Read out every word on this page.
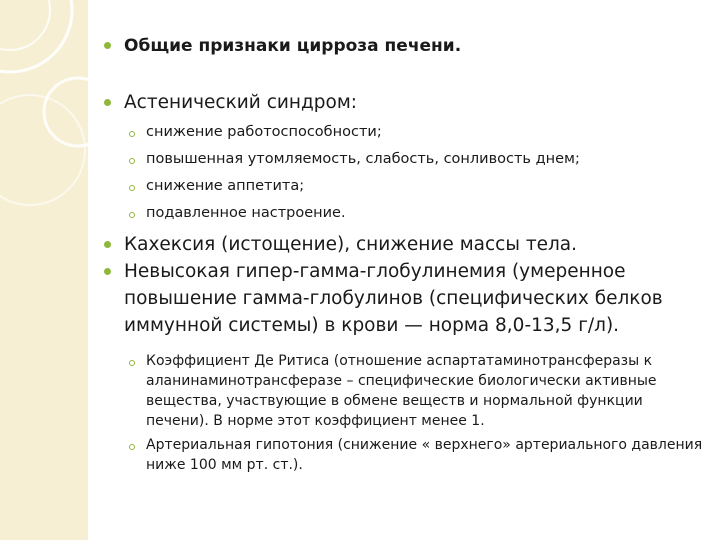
Общие признаки цирроза печени.
Астенический синдром:
снижение работоспособности;
повышенная утомляемость, слабость, сонливость днем;
снижение аппетита;
подавленное настроение.
Кахексия (истощение), снижение массы тела.
Невысокая гипер-гамма-глобулинемия (умеренное повышение гамма-глобулинов (специфических белков иммунной системы) в крови — норма 8,0-13,5 г/л).
Коэффициент Де Ритиса (отношение аспартатаминотрансферазы к аланинаминотрансферазе – специфические биологически активные вещества, участвующие в обмене веществ и нормальной функции печени). В норме этот коэффициент менее 1.
Артериальная гипотония (снижение « верхнего» артериального давления ниже 100 мм рт. ст.).
